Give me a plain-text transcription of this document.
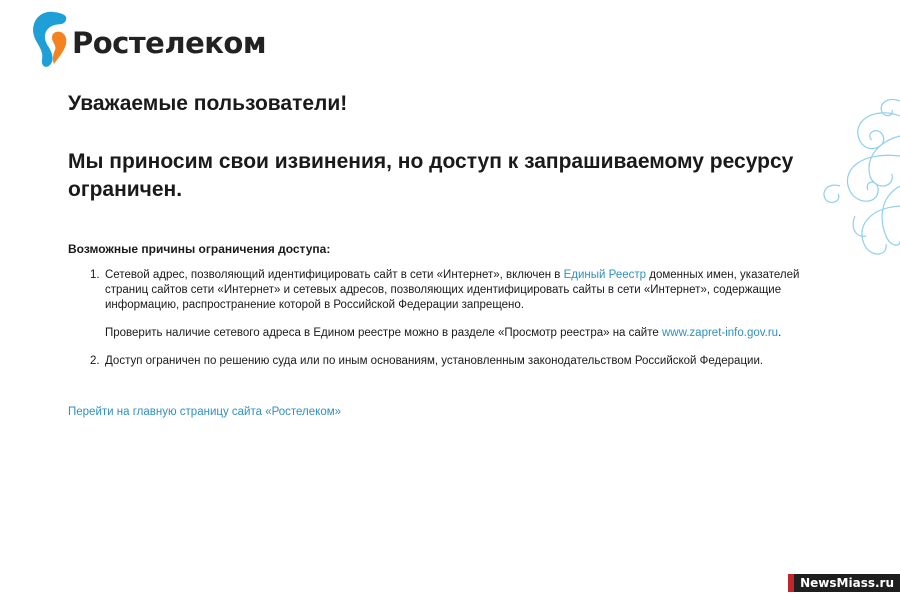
Ростелеком
Уважаемые пользователи!
Мы приносим свои извинения, но доступ к запрашиваемому ресурсу ограничен.
Возможные причины ограничения доступа:
1. Сетевой адрес, позволяющий идентифицировать сайт в сети «Интернет», включен в Единый Реестр доменных имен, указателей страниц сайтов сети «Интернет» и сетевых адресов, позволяющих идентифицировать сайты в сети «Интернет», содержащие информацию, распространение которой в Российской Федерации запрещено.

Проверить наличие сетевого адреса в Едином реестре можно в разделе «Просмотр реестра» на сайте www.zapret-info.gov.ru.

2. Доступ ограничен по решению суда или по иным основаниям, установленным законодательством Российской Федерации.

Перейти на главную страницу сайта «Ростелеком»
NewsMiass.ru
